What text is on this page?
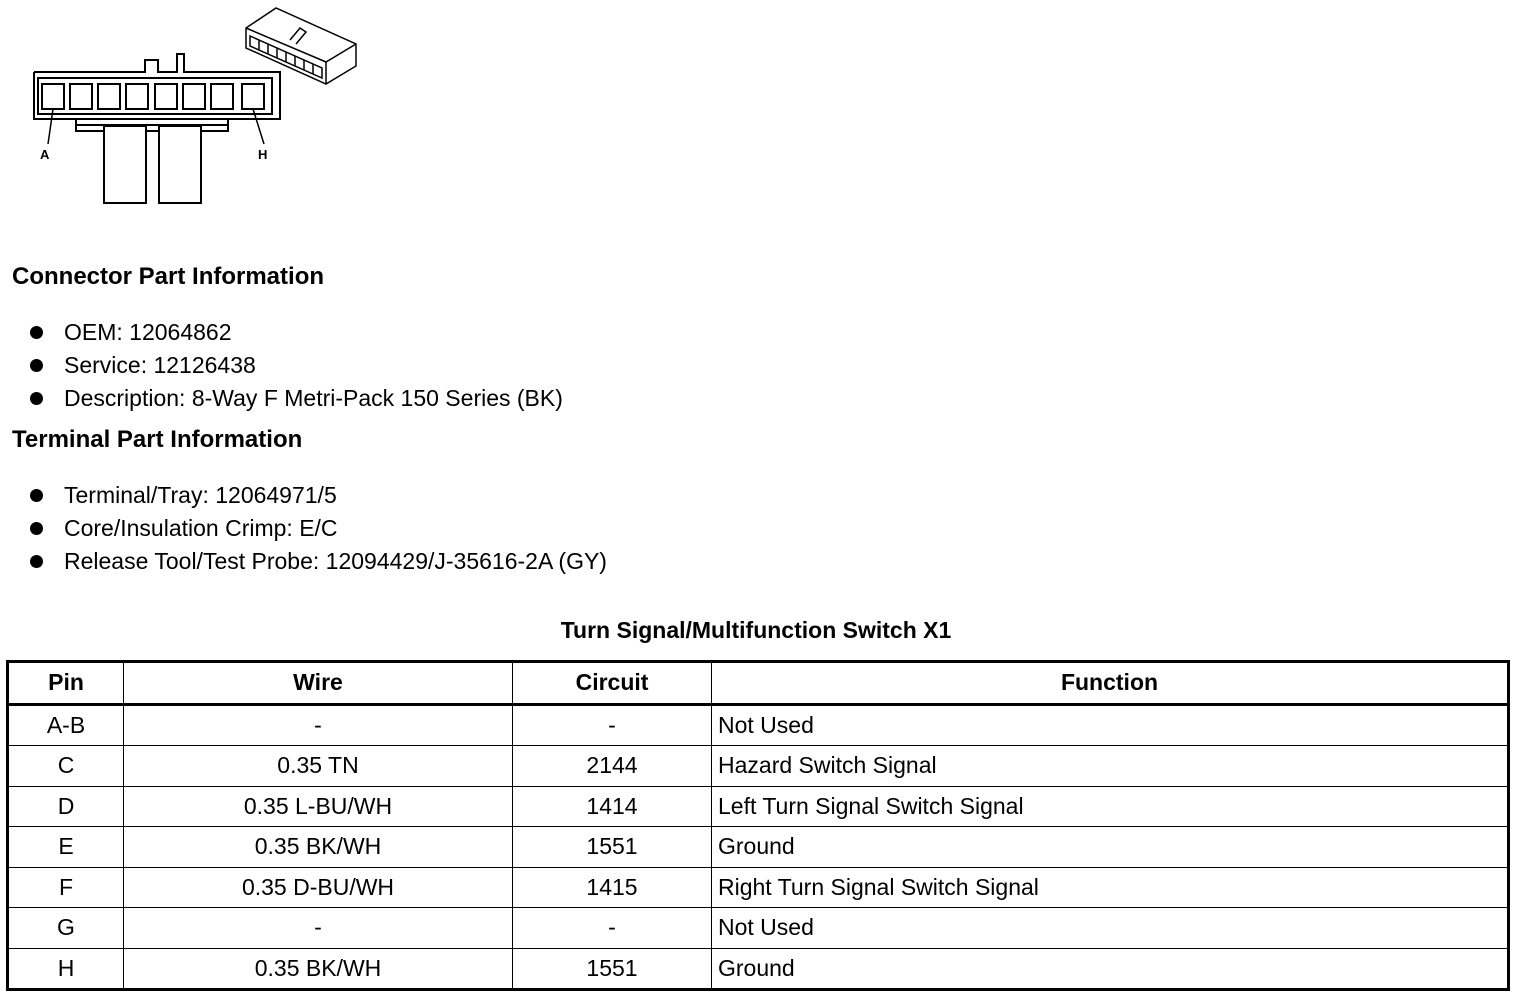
A	H
Connector Part Information
OEM: 12064862
Service: 12126438
Description: 8-Way F Metri-Pack 150 Series (BK)
Terminal Part Information
Terminal/Tray: 12064971/5
Core/Insulation Crimp: E/C
Release Tool/Test Probe: 12094429/J-35616-2A (GY)
Turn Signal/Multifunction Switch X1
Pin	Wire	Circuit	Function
A-B	-	-	Not Used
C	0.35 TN	2144	Hazard Switch Signal
D	0.35 L-BU/WH	1414	Left Turn Signal Switch Signal
E	0.35 BK/WH	1551	Ground
F	0.35 D-BU/WH	1415	Right Turn Signal Switch Signal
G	-	-	Not Used
H	0.35 BK/WH	1551	Ground
